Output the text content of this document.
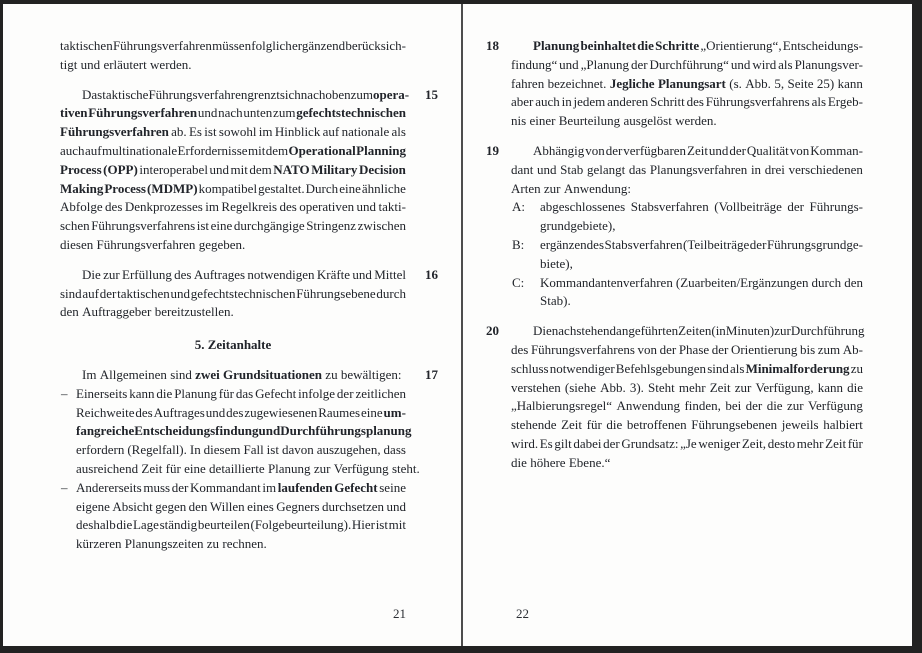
taktischen Führungsverfahren müssen folglich ergänzend berücksich-
tigt und erläutert werden.
15
Das taktische Führungsverfahren grenzt sich nach oben zum opera-
tiven Führungsverfahren und nach unten zum gefechtstechnischen
Führungsverfahren ab. Es ist sowohl im Hinblick auf nationale als
auch auf multinationale Erfordernisse mit dem Operational Planning
Process (OPP) interoperabel und mit dem NATO Military Decision
Making Process (MDMP) kompatibel gestaltet. Durch eine ähnliche
Abfolge des Denkprozesses im Regelkreis des operativen und takti-
schen Führungsverfahrens ist eine durchgängige Stringenz zwischen
diesen Führungsverfahren gegeben.
16
Die zur Erfüllung des Auftrages notwendigen Kräfte und Mittel
sind auf der taktischen und gefechtstechnischen Führungsebene durch
den Auftraggeber bereitzustellen.
5. Zeitanhalte
17
Im Allgemeinen sind zwei Grundsituationen zu bewältigen:
– Einerseits kann die Planung für das Gefecht infolge der zeitlichen
Reichweite des Auftrages und des zugewiesenen Raumes eine um-
fangreiche Entscheidungsfindung und Durchführungsplanung
erfordern (Regelfall). In diesem Fall ist davon auszugehen, dass
ausreichend Zeit für eine detaillierte Planung zur Verfügung steht.
– Andererseits muss der Kommandant im laufenden Gefecht seine
eigene Absicht gegen den Willen eines Gegners durchsetzen und
deshalb die Lage ständig beurteilen (Folgebeurteilung). Hier ist mit
kürzeren Planungszeiten zu rechnen.
21
18	Planung beinhaltet die Schritte „Orientierung“, Entscheidungs-
findung“ und „Planung der Durchführung“ und wird als Planungsver-
fahren bezeichnet. Jegliche Planungsart (s. Abb. 5, Seite 25) kann
aber auch in jedem anderen Schritt des Führungsverfahrens als Ergeb-
nis einer Beurteilung ausgelöst werden.
19	Abhängig von der verfügbaren Zeit und der Qualität von Komman-
dant und Stab gelangt das Planungsverfahren in drei verschiedenen
Arten zur Anwendung:
A: abgeschlossenes Stabsverfahren (Vollbeiträge der Führungs-
grundgebiete),
B: ergänzendes Stabsverfahren (Teilbeiträge der Führungsgrundge-
biete),
C: Kommandantenverfahren (Zuarbeiten/Ergänzungen durch den
Stab).
20	Die nachstehend angeführten Zeiten (in Minuten) zur Durchführung
des Führungsverfahrens von der Phase der Orientierung bis zum Ab-
schluss notwendiger Befehlsgebungen sind als Minimalforderung zu
verstehen (siehe Abb. 3). Steht mehr Zeit zur Verfügung, kann die
„Halbierungsregel“ Anwendung finden, bei der die zur Verfügung
stehende Zeit für die betroffenen Führungsebenen jeweils halbiert
wird. Es gilt dabei der Grundsatz: „Je weniger Zeit, desto mehr Zeit für
die höhere Ebene.“
22
